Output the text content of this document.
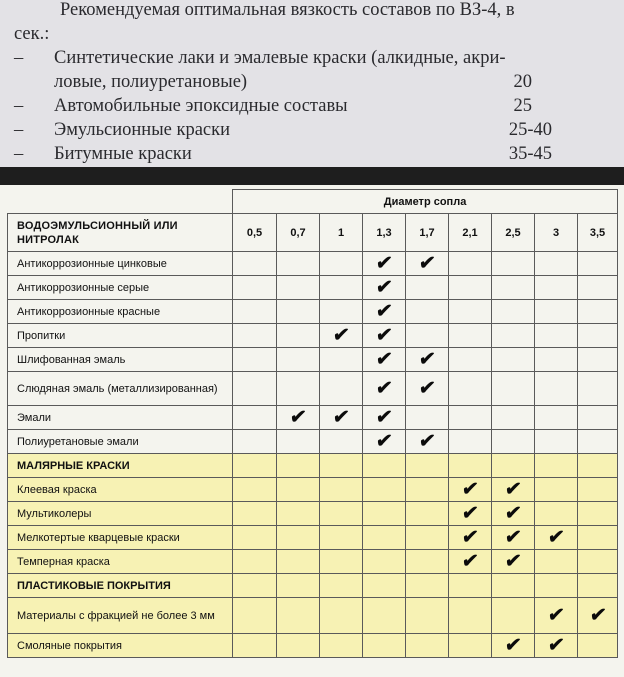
Рекомендуемая оптимальная вязкость составов по ВЗ-4, в
сек.:
– Синтетические лаки и эмалевые краски (алкидные, акри-
ловые, полиуретановые)	20
– Автомобильные эпоксидные составы	25
– Эмульсионные краски	25-40
– Битумные краски	35-45
	Диаметр сопла								
ВОДОЭМУЛЬСИОННЫЙ ИЛИ НИТРОЛАК	0,5	0,7	1	1,3	1,7	2,1	2,5	3	3,5
Антикоррозионные цинковые				✔	✔				
Антикоррозионные серые				✔					
Антикоррозионные красные				✔					
Пропитки			✔	✔					
Шлифованная эмаль				✔	✔				
Слюдяная эмаль (металлизированная)				✔	✔				
Эмали		✔	✔	✔					
Полиуретановые эмали				✔	✔				
МАЛЯРНЫЕ КРАСКИ									
Клеевая краска						✔	✔		
Мультиколеры						✔	✔		
Мелкотертые кварцевые краски						✔	✔	✔	
Темперная краска						✔	✔		
ПЛАСТИКОВЫЕ ПОКРЫТИЯ									
Материалы с фракцией не более 3 мм								✔	✔
Смоляные покрытия							✔	✔	
